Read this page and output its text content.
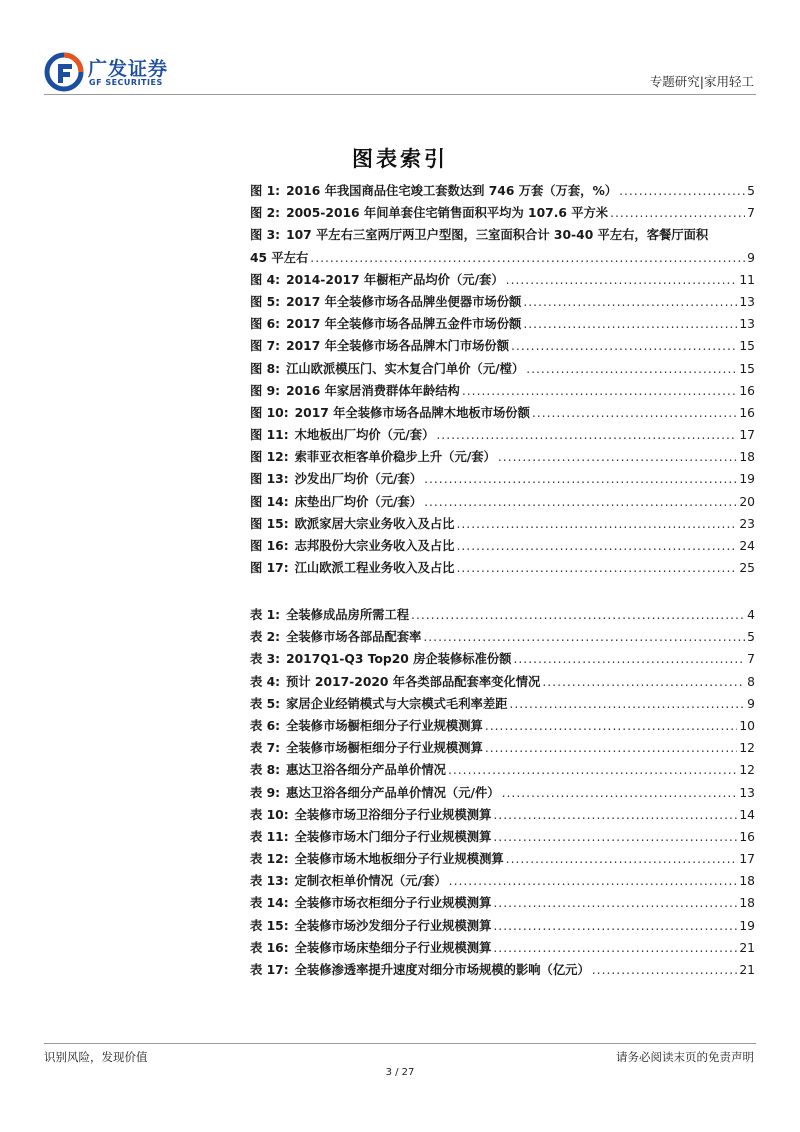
广发证券
GF SECURITIES	专题研究|家用轻工
图表索引
图 1: 2016 年我国商品住宅竣工套数达到 746 万套（万套，%） .....	5
图 2: 2005-2016 年间单套住宅销售面积平均为 107.6 平方米 .....	7
图 3: 107 平左右三室两厅两卫户型图，三室面积合计 30-40 平左右，客餐厅面积
45 平左右 .....	9
图 4: 2014-2017 年橱柜产品均价（元/套） .....	11
图 5: 2017 年全装修市场各品牌坐便器市场份额 .....	13
图 6: 2017 年全装修市场各品牌五金件市场份额 .....	13
图 7: 2017 年全装修市场各品牌木门市场份额 .....	15
图 8: 江山欧派模压门、实木复合门单价（元/樘） .....	15
图 9: 2016 年家居消费群体年龄结构 .....	16
图 10: 2017 年全装修市场各品牌木地板市场份额 .....	16
图 11: 木地板出厂均价（元/套） .....	17
图 12: 索菲亚衣柜客单价稳步上升（元/套） .....	18
图 13: 沙发出厂均价（元/套） .....	19
图 14: 床垫出厂均价（元/套） .....	20
图 15: 欧派家居大宗业务收入及占比 .....	23
图 16: 志邦股份大宗业务收入及占比 .....	24
图 17: 江山欧派工程业务收入及占比 .....	25
表 1: 全装修成品房所需工程 .....	4
表 2: 全装修市场各部品配套率 .....	5
表 3: 2017Q1-Q3 Top20 房企装修标准份额 .....	7
表 4: 预计 2017-2020 年各类部品配套率变化情况 .....	8
表 5: 家居企业经销模式与大宗模式毛利率差距 .....	9
表 6: 全装修市场橱柜细分子行业规模测算 .....	10
表 7: 全装修市场橱柜细分子行业规模测算 .....	12
表 8: 惠达卫浴各细分产品单价情况 .....	12
表 9: 惠达卫浴各细分产品单价情况（元/件） .....	13
表 10: 全装修市场卫浴细分子行业规模测算 .....	14
表 11: 全装修市场木门细分子行业规模测算 .....	16
表 12: 全装修市场木地板细分子行业规模测算 .....	17
表 13: 定制衣柜单价情况（元/套） .....	18
表 14: 全装修市场衣柜细分子行业规模测算 .....	18
表 15: 全装修市场沙发细分子行业规模测算 .....	19
表 16: 全装修市场床垫细分子行业规模测算 .....	21
表 17: 全装修渗透率提升速度对细分市场规模的影响（亿元） .....	21
识别风险，发现价值	请务必阅读末页的免责声明
3 / 27
